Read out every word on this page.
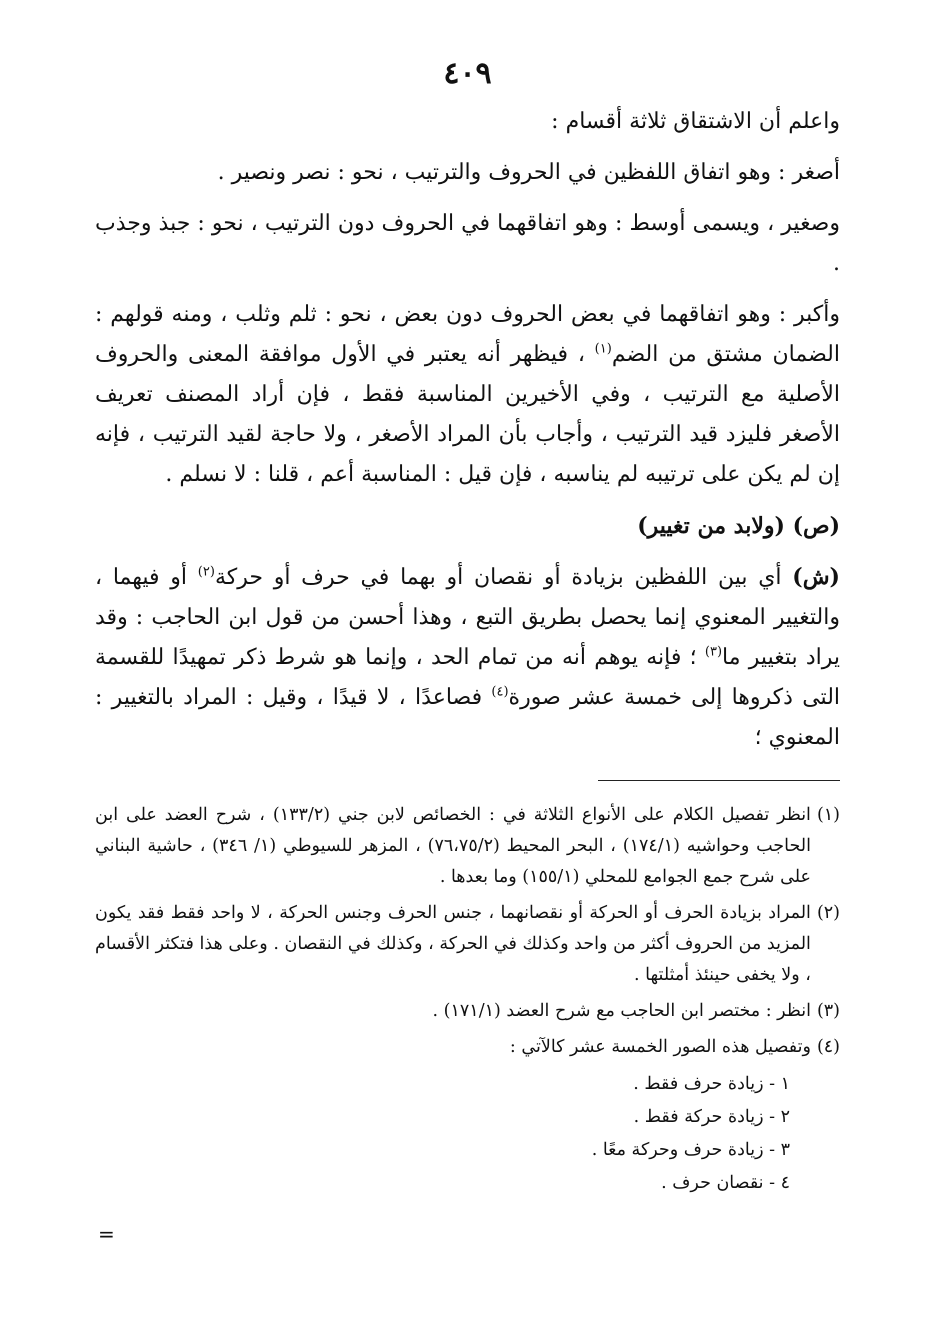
٤٠٩

واعلم أن الاشتقاق ثلاثة أقسام :

أصغر : وهو اتفاق اللفظين في الحروف والترتيب ، نحو : نصر ونصير .

وصغير ، ويسمى أوسط : وهو اتفاقهما في الحروف دون الترتيب ، نحو : جبذ وجذب .

وأكبر : وهو اتفاقهما في بعض الحروف دون بعض ، نحو : ثلم وثلب ، ومنه قولهم : الضمان مشتق من الضم$^{(١)}$ ، فيظهر أنه يعتبر في الأول موافقة المعنى والحروف الأصلية مع الترتيب ، وفي الأخيرين المناسبة فقط ، فإن أراد المصنف تعريف الأصغر فليزد قيد الترتيب ، وأجاب بأن المراد الأصغر ، ولا حاجة لقيد الترتيب ، فإنه إن لم يكن على ترتيبه لم يناسبه ، فإن قيل : المناسبة أعم ، قلنا : لا نسلم .

(ص) (ولابد من تغيير)

(ش) أي بين اللفظين بزيادة أو نقصان أو بهما في حرف أو حركة$^{(٢)}$ أو فيهما ، والتغيير المعنوي إنما يحصل بطريق التبع ، وهذا أحسن من قول ابن الحاجب : وقد يراد بتغيير ما$^{(٣)}$ ؛ فإنه يوهم أنه من تمام الحد ، وإنما هو شرط ذكر تمهيدًا للقسمة التى ذكروها إلى خمسة عشر صورة$^{(٤)}$ فصاعدًا ، لا قيدًا ، وقيل : المراد بالتغيير : المعنوي ؛

(١)
انظر تفصيل الكلام على الأنواع الثلاثة في : الخصائص لابن جني (١٣٣/٢) ، شرح العضد على ابن الحاجب وحواشيه (١٧٤/١) ، البحر المحيط (٧٦،٧٥/٢) ، المزهر للسيوطي (١/ ٣٤٦) ، حاشية البناني على شرح جمع الجوامع للمحلي (١٥٥/١) وما بعدها .
(٢)
المراد بزيادة الحرف أو الحركة أو نقصانهما ، جنس الحرف وجنس الحركة ، لا واحد فقط فقد يكون المزيد من الحروف أكثر من واحد وكذلك في الحركة ، وكذلك في النقصان . وعلى هذا فتكثر الأقسام ، ولا يخفى حينئذ أمثلتها .
(٣)
انظر : مختصر ابن الحاجب مع شرح العضد (١٧١/١) .
(٤)
وتفصيل هذه الصور الخمسة عشر كالآتي :
١ - زيادة حرف فقط .
٢ - زيادة حركة فقط .
٣ - زيادة حرف وحركة معًا .
٤ - نقصان حرف .
=
